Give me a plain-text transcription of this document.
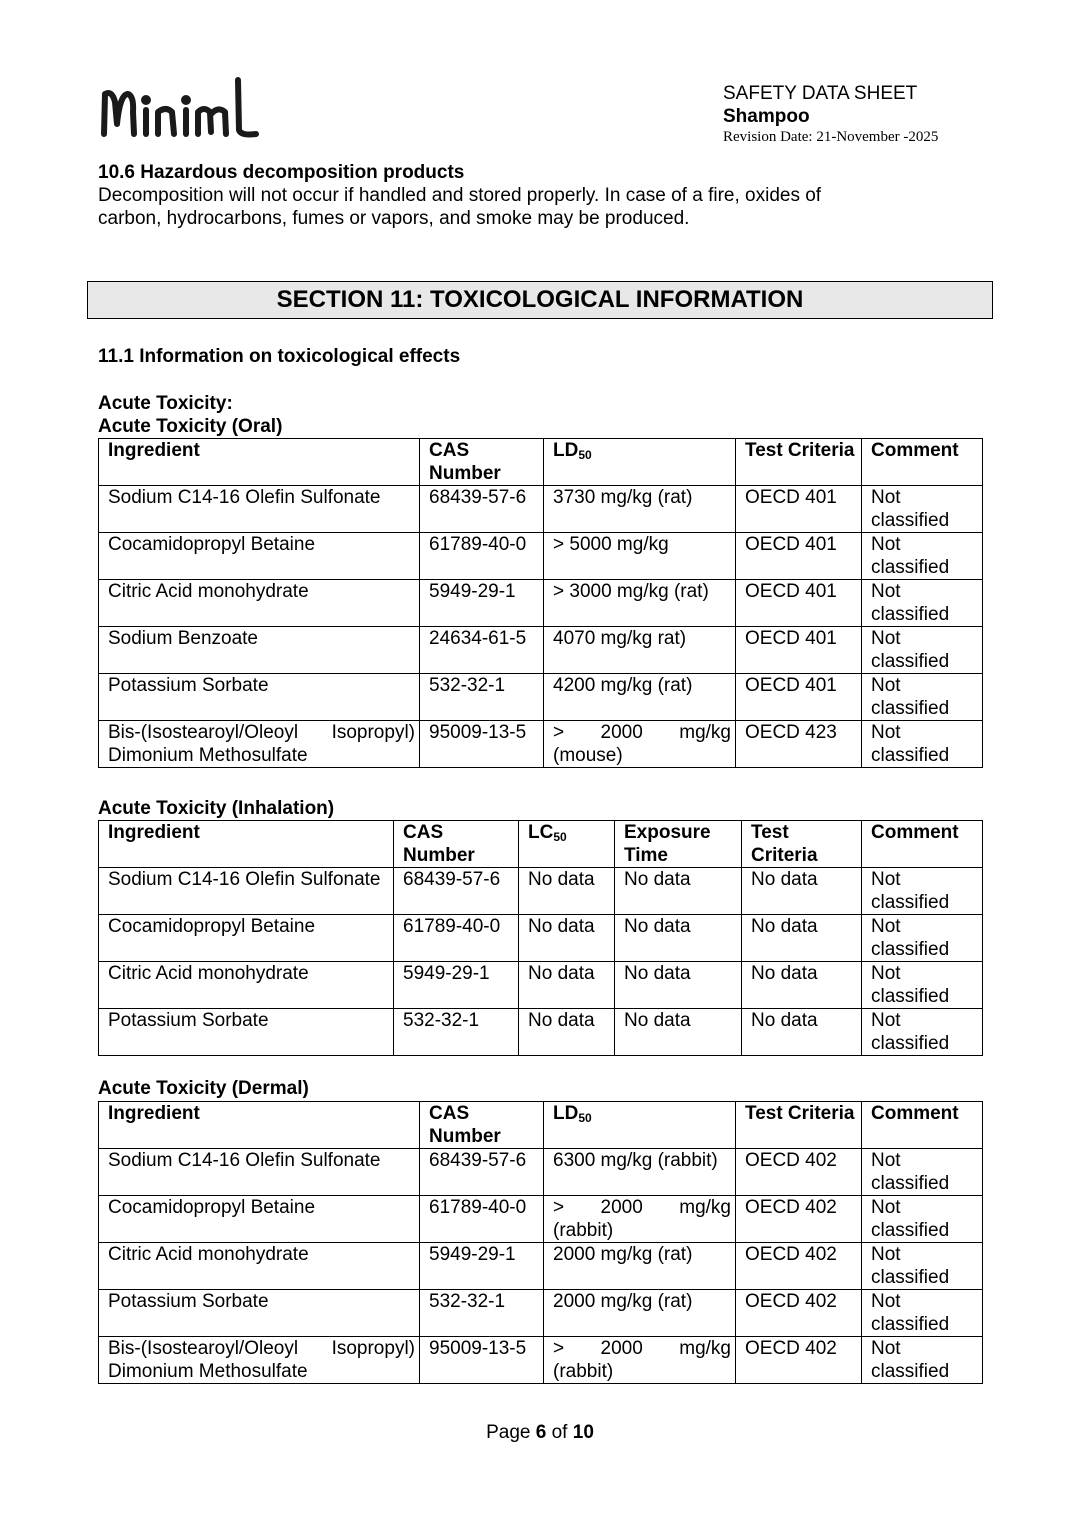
SAFETY DATA SHEET
Shampoo
Revision Date: 21-November -2025
10.6 Hazardous decomposition products
Decomposition will not occur if handled and stored properly. In case of a fire, oxides of
carbon, hydrocarbons, fumes or vapors, and smoke may be produced.
SECTION 11: TOXICOLOGICAL INFORMATION
11.1 Information on toxicological effects
Acute Toxicity:
Acute Toxicity (Oral)
Ingredient	CAS Number	$LD_{50}$	Test Criteria	Comment
Sodium C14-16 Olefin Sulfonate	68439-57-6	3730 mg/kg (rat)	OECD 401	Not classified
Cocamidopropyl Betaine	61789-40-0	> 5000 mg/kg	OECD 401	Not classified
Citric Acid monohydrate	5949-29-1	> 3000 mg/kg (rat)	OECD 401	Not classified
Sodium Benzoate	24634-61-5	4070 mg/kg rat)	OECD 401	Not classified
Potassium Sorbate	532-32-1	4200 mg/kg (rat)	OECD 401	Not classified
Bis-(Isostearoyl/Oleoyl Isopropyl) Dimonium Methosulfate	95009-13-5	> 2000 mg/kg (mouse)	OECD 423	Not classified
Acute Toxicity (Inhalation)
Ingredient	CAS Number	$LC_{50}$	Exposure Time	Test Criteria	Comment
Sodium C14-16 Olefin Sulfonate	68439-57-6	No data	No data	No data	Not classified
Cocamidopropyl Betaine	61789-40-0	No data	No data	No data	Not classified
Citric Acid monohydrate	5949-29-1	No data	No data	No data	Not classified
Potassium Sorbate	532-32-1	No data	No data	No data	Not classified
Acute Toxicity (Dermal)
Ingredient	CAS Number	$LD_{50}$	Test Criteria	Comment
Sodium C14-16 Olefin Sulfonate	68439-57-6	6300 mg/kg (rabbit)	OECD 402	Not classified
Cocamidopropyl Betaine	61789-40-0	> 2000 mg/kg (rabbit)	OECD 402	Not classified
Citric Acid monohydrate	5949-29-1	2000 mg/kg (rat)	OECD 402	Not classified
Potassium Sorbate	532-32-1	2000 mg/kg (rat)	OECD 402	Not classified
Bis-(Isostearoyl/Oleoyl Isopropyl) Dimonium Methosulfate	95009-13-5	> 2000 mg/kg (rabbit)	OECD 402	Not classified
Page 6 of 10
